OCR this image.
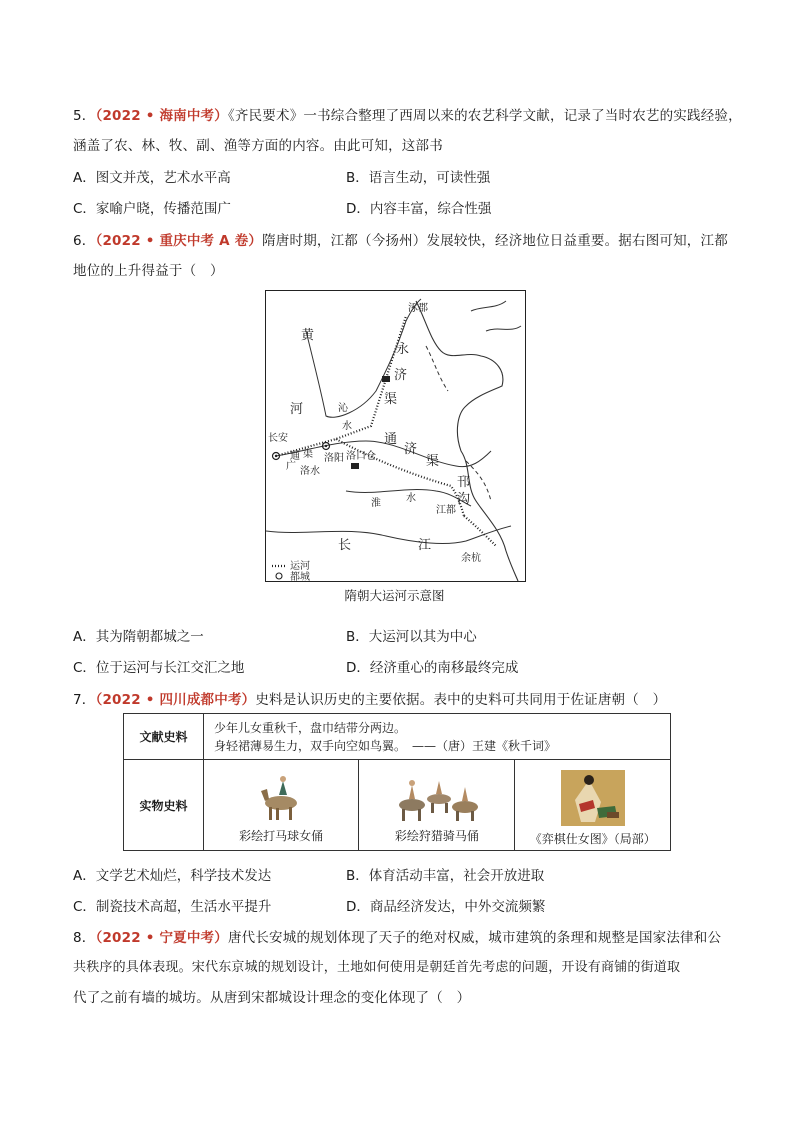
5．（2022 • 海南中考）《齐民要术》一书综合整理了西周以来的农艺科学文献，记录了当时农艺的实践经验，
涵盖了农、林、牧、副、渔等方面的内容。由此可知，这部书
A．图文并茂，艺术水平高	B．语言生动，可读性强
C．家喻户晓，传播范围广	D．内容丰富，综合性强
6．（2022 • 重庆中考 A 卷）隋唐时期，江都（今扬州）发展较快，经济地位日益重要。据右图可知，江都
地位的上升得益于（　）
涿郡
黄
河
永
济
渠
沁
水
长安
广
通 渠 洛阳 洛口仓
通
济
渠
洛水
淮	水
邗
沟
江都
长	江
余杭
运河
都城
隋朝大运河示意图
A．其为隋朝都城之一	B．大运河以其为中心
C．位于运河与长江交汇之地	D．经济重心的南移最终完成
7．（2022 • 四川成都中考）史料是认识历史的主要依据。表中的史料可共同用于佐证唐朝（　）
文献史料	少年儿女重秋千，盘巾结带分两边。
身轻裙薄易生力，双手向空如鸟翼。　——（唐）王建《秋千词》		

实物史料	彩绘打马球女俑	彩绘狩猎骑马俑	《弈棋仕女图》（局部）
A．文学艺术灿烂，科学技术发达	B．体育活动丰富，社会开放进取
C．制瓷技术高超，生活水平提升	D．商品经济发达，中外交流频繁
8．（2022 • 宁夏中考）唐代长安城的规划体现了天子的绝对权威，城市建筑的条理和规整是国家法律和公
共秩序的具体表现。宋代东京城的规划设计，土地如何使用是朝廷首先考虑的问题，开设有商铺的街道取
代了之前有墙的城坊。从唐到宋都城设计理念的变化体现了（　）
